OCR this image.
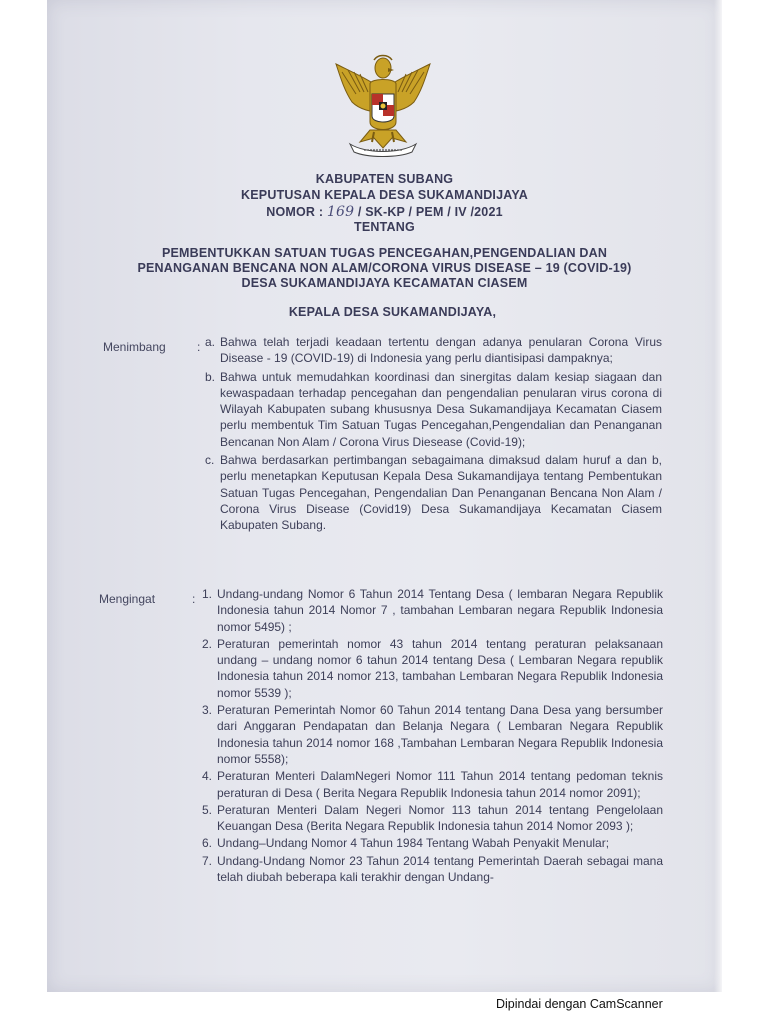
KABUPATEN SUBANG
KEPUTUSAN KEPALA DESA SUKAMANDIJAYA
NOMOR : 169 / SK-KP / PEM / IV /2021
TENTANG
PEMBENTUKKAN SATUAN TUGAS PENCEGAHAN,PENGENDALIAN DAN
PENANGANAN BENCANA NON ALAM/CORONA VIRUS DISEASE – 19 (COVID-19)
DESA SUKAMANDIJAYA KECAMATAN CIASEM
KEPALA DESA SUKAMANDIJAYA,
Menimbang	: a. Bahwa telah terjadi keadaan tertentu dengan adanya penularan Corona Virus Disease - 19 (COVID-19) di Indonesia yang perlu diantisipasi dampaknya;
b. Bahwa untuk memudahkan koordinasi dan sinergitas dalam kesiap siagaan dan kewaspadaan terhadap pencegahan dan pengendalian penularan virus corona di Wilayah Kabupaten subang khususnya Desa Sukamandijaya Kecamatan Ciasem perlu membentuk Tim Satuan Tugas Pencegahan,Pengendalian dan Penanganan Bencanan Non Alam / Corona Virus Diesease (Covid-19);
c. Bahwa berdasarkan pertimbangan sebagaimana dimaksud dalam huruf a dan b, perlu menetapkan Keputusan Kepala Desa Sukamandijaya tentang Pembentukan Satuan Tugas Pencegahan, Pengendalian Dan Penanganan Bencana Non Alam / Corona Virus Disease (Covid19) Desa Sukamandijaya Kecamatan Ciasem Kabupaten Subang.
Mengingat	: 1. Undang-undang Nomor 6 Tahun 2014 Tentang Desa ( lembaran Negara Republik Indonesia tahun 2014 Nomor 7 , tambahan Lembaran negara Republik Indonesia nomor 5495) ;
2. Peraturan pemerintah nomor 43 tahun 2014 tentang peraturan pelaksanaan undang – undang nomor 6 tahun 2014 tentang Desa ( Lembaran Negara republik Indonesia tahun 2014 nomor 213, tambahan Lembaran Negara Republik Indonesia nomor 5539 );
3. Peraturan Pemerintah Nomor 60 Tahun 2014 tentang Dana Desa yang bersumber dari Anggaran Pendapatan dan Belanja Negara ( Lembaran Negara Republik Indonesia tahun 2014 nomor 168 ,Tambahan Lembaran Negara Republik Indonesia nomor 5558);
4. Peraturan Menteri DalamNegeri Nomor 111 Tahun 2014 tentang pedoman teknis peraturan di Desa ( Berita Negara Republik Indonesia tahun 2014 nomor 2091);
5. Peraturan Menteri Dalam Negeri Nomor 113 tahun 2014 tentang Pengelolaan Keuangan Desa (Berita Negara Republik Indonesia tahun 2014 Nomor 2093 );
6. Undang–Undang Nomor 4 Tahun 1984 Tentang Wabah Penyakit Menular;
7. Undang-Undang Nomor 23 Tahun 2014 tentang Pemerintah Daerah sebagai mana telah diubah beberapa kali terakhir dengan Undang-
Dipindai dengan CamScanner
